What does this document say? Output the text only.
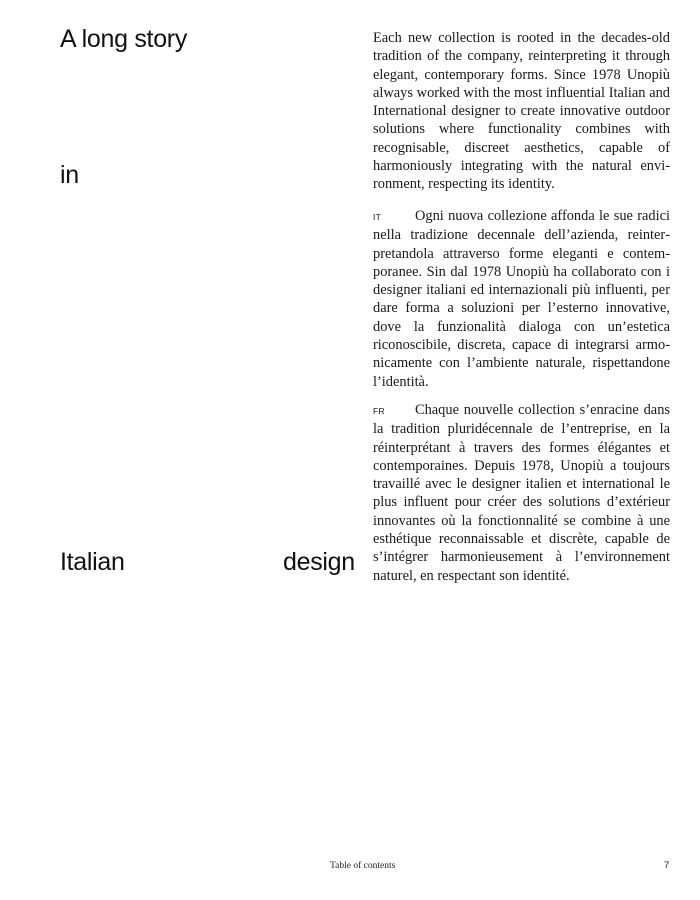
A long story
in
Italian	design

Each new collection is rooted in the decades-old tradition of the company, reinterpreting it through elegant, contemporary forms. Since 1978 Unopiù always worked with the most influential Italian and International designer to create innovative outdoor solutions where functionality combines with recognisable, discreet aesthetics, capable of harmoniously integrating with the natural environment, respecting its identity.

IT Ogni nuova collezione affonda le sue radici nella tradizione decennale dell’azienda, reinterpretandola attraverso forme eleganti e contemporanee. Sin dal 1978 Unopiù ha collaborato con i designer italiani ed internazionali più influenti, per dare forma a soluzioni per l’esterno innovative, dove la funzionalità dialoga con un’estetica riconoscibile, discreta, capace di integrarsi armonicamente con l’ambiente naturale, rispettandone l’identità.

FR Chaque nouvelle collection s’enracine dans la tradition pluridécennale de l’entreprise, en la réinterprétant à travers des formes élégantes et contemporaines. Depuis 1978, Unopiù a toujours travaillé avec le designer italien et international le plus influent pour créer des solutions d’extérieur innovantes où la fonctionnalité se combine à une esthétique reconnaissable et discrète, capable de s’intégrer harmonieusement à l’environnement naturel, en respectant son identité.

Table of contents	7
